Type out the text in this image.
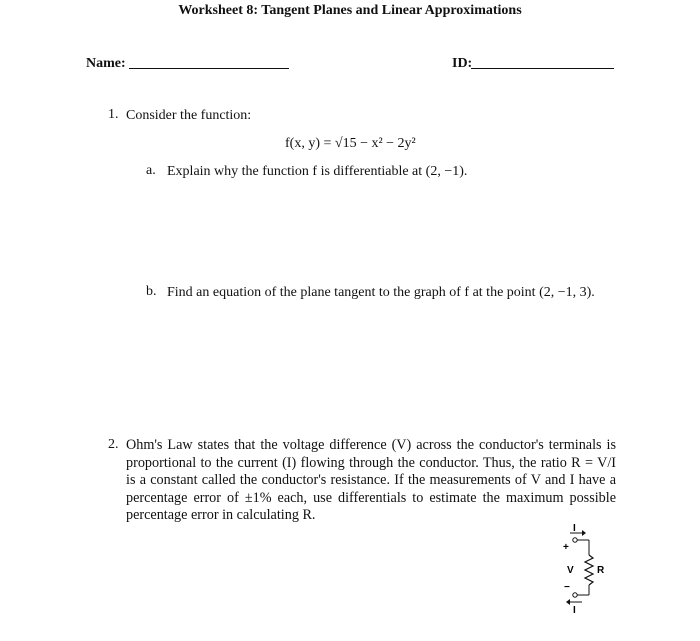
Worksheet 8: Tangent Planes and Linear Approximations
Name:	ID:
1. Consider the function:
f(x, y) = √15 − x² − 2y²
a. Explain why the function f is differentiable at (2, −1).
b. Find an equation of the plane tangent to the graph of f at the point (2, −1, 3).
2. Ohm's Law states that the voltage difference (V) across the conductor's terminals is proportional to the current (I) flowing through the conductor. Thus, the ratio R = V/I is a constant called the conductor's resistance. If the measurements of V and I have a percentage error of ±1% each, use differentials to estimate the maximum possible percentage error in calculating R.
I
+
V R
−
I
